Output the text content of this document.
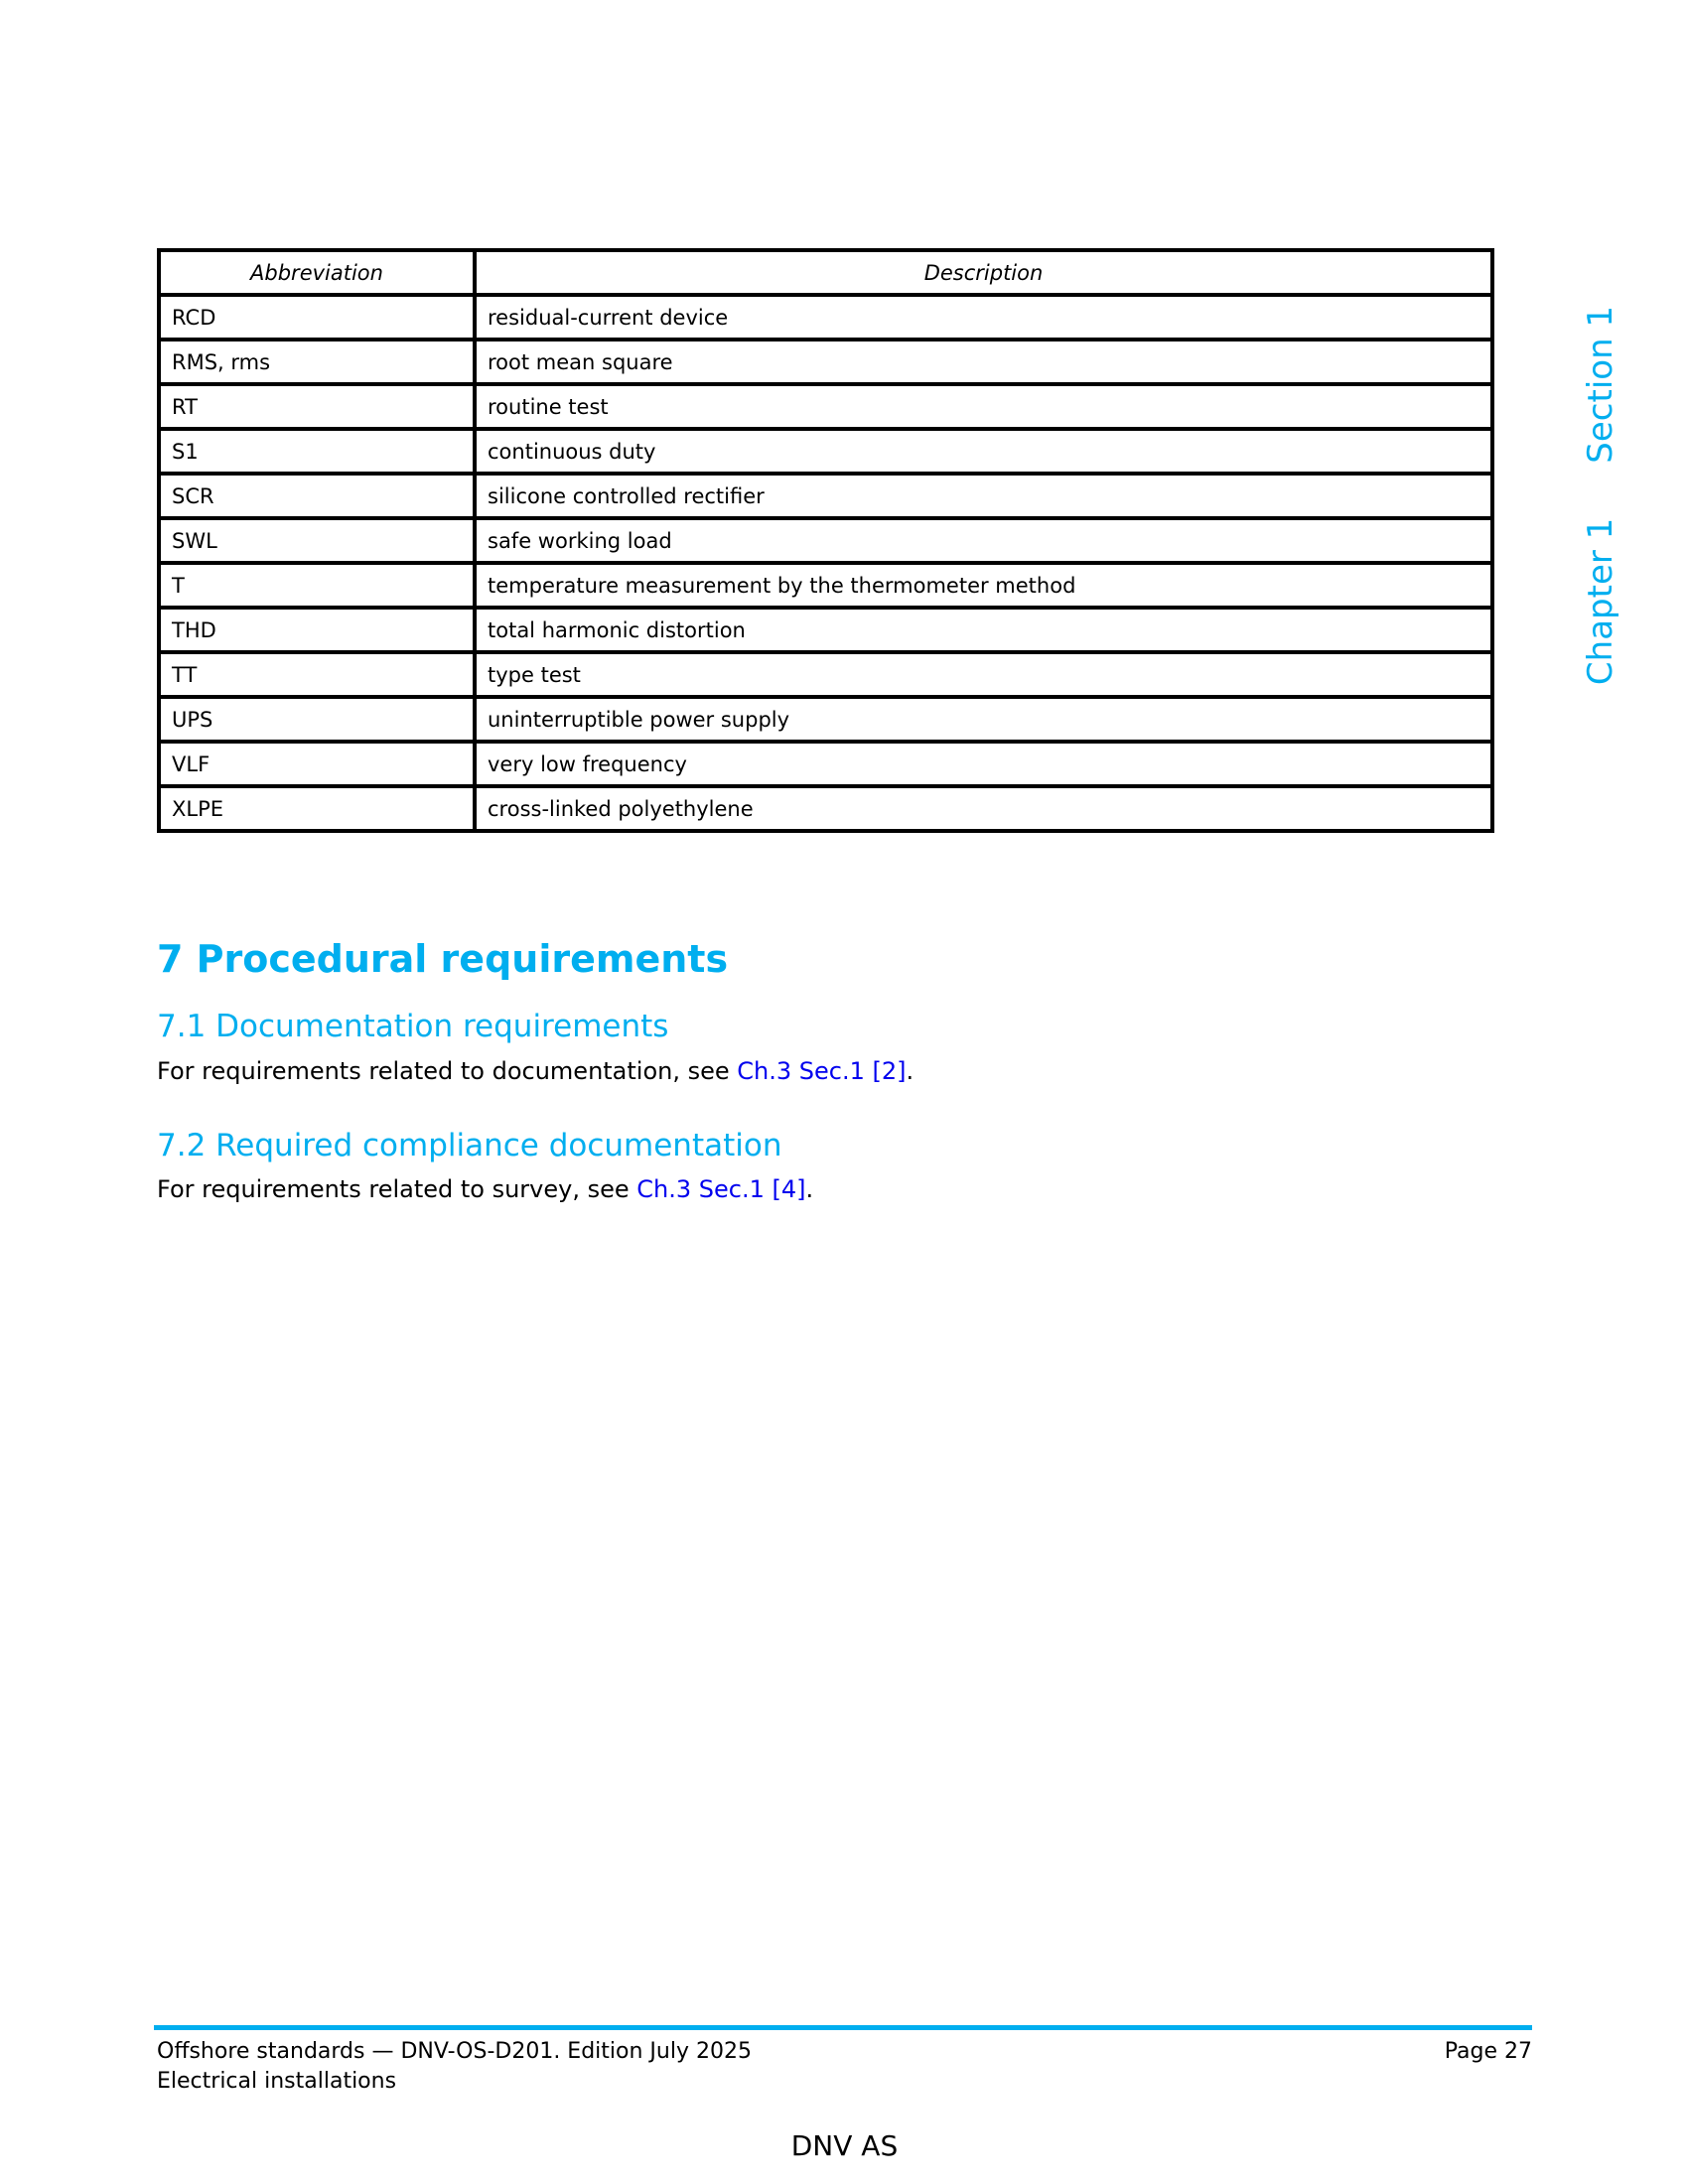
Abbreviation	Description
RCD	residual-current device
RMS, rms	root mean square
RT	routine test
S1	continuous duty
SCR	silicone controlled rectifier
SWL	safe working load
T	temperature measurement by the thermometer method
THD	total harmonic distortion
TT	type test
UPS	uninterruptible power supply
VLF	very low frequency
XLPE	cross-linked polyethylene
7 Procedural requirements
7.1 Documentation requirements

For requirements related to documentation, see Ch.3 Sec.1 [2].

7.2 Required compliance documentation

For requirements related to survey, see Ch.3 Sec.1 [4].

Chapter 1
Section 1
Offshore standards — DNV-OS-D201. Edition July 2025	Page 27
Electrical installations
DNV AS
